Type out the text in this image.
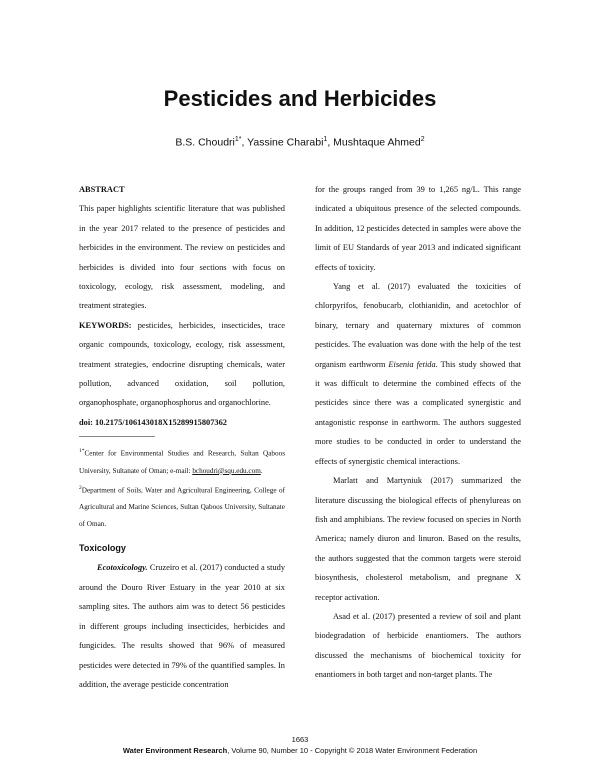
Pesticides and Herbicides
B.S. Choudri$^{1*}$, Yassine Charabi$^1$, Mushtaque Ahmed$^2$

ABSTRACT

This paper highlights scientific literature that was published in the year 2017 related to the presence of pesticides and herbicides in the environment. The review on pesticides and herbicides is divided into four sections with focus on toxicology, ecology, risk assessment, modeling, and treatment strategies.

KEYWORDS: pesticides, herbicides, insecticides, trace organic compounds, toxicology, ecology, risk assessment, treatment strategies, endocrine disrupting chemicals, water pollution, advanced oxidation, soil pollution, organophosphate, organophosphorus and organochlorine.

doi: 10.2175/106143018X15289915807362

$^{1*}$Center for Environmental Studies and Research, Sultan Qaboos University, Sultanate of Oman; e-mail: bchoudri@squ.edu.com.

$^2$Department of Soils, Water and Agricultural Engineering, College of Agricultural and Marine Sciences, Sultan Qaboos University, Sultanate of Oman.

Toxicology

Ecotoxicology. Cruzeiro et al. (2017) conducted a study around the Douro River Estuary in the year 2010 at six sampling sites. The authors aim was to detect 56 pesticides in different groups including insecticides, herbicides and fungicides. The results showed that 96% of measured pesticides were detected in 79% of the quantified samples. In addition, the average pesticide concentration

for the groups ranged from 39 to 1,265 ng/L. This range indicated a ubiquitous presence of the selected compounds. In addition, 12 pesticides detected in samples were above the limit of EU Standards of year 2013 and indicated significant effects of toxicity.

Yang et al. (2017) evaluated the toxicities of chlorpyrifos, fenobucarb, clothianidin, and acetochlor of binary, ternary and quaternary mixtures of common pesticides. The evaluation was done with the help of the test organism earthworm Eisenia fetida. This study showed that it was difficult to determine the combined effects of the pesticides since there was a complicated synergistic and antagonistic response in earthworm. The authors suggested more studies to be conducted in order to understand the effects of synergistic chemical interactions.

Marlatt and Martyniuk (2017) summarized the literature discussing the biological effects of phenylureas on fish and amphibians. The review focused on species in North America; namely diuron and linuron. Based on the results, the authors suggested that the common targets were steroid biosynthesis, cholesterol metabolism, and pregnane X receptor activation.

Asad et al. (2017) presented a review of soil and plant biodegradation of herbicide enantiomers. The authors discussed the mechanisms of biochemical toxicity for enantiomers in both target and non-target plants. The

1663
Water Environment Research, Volume 90, Number 10 - Copyright © 2018 Water Environment Federation
